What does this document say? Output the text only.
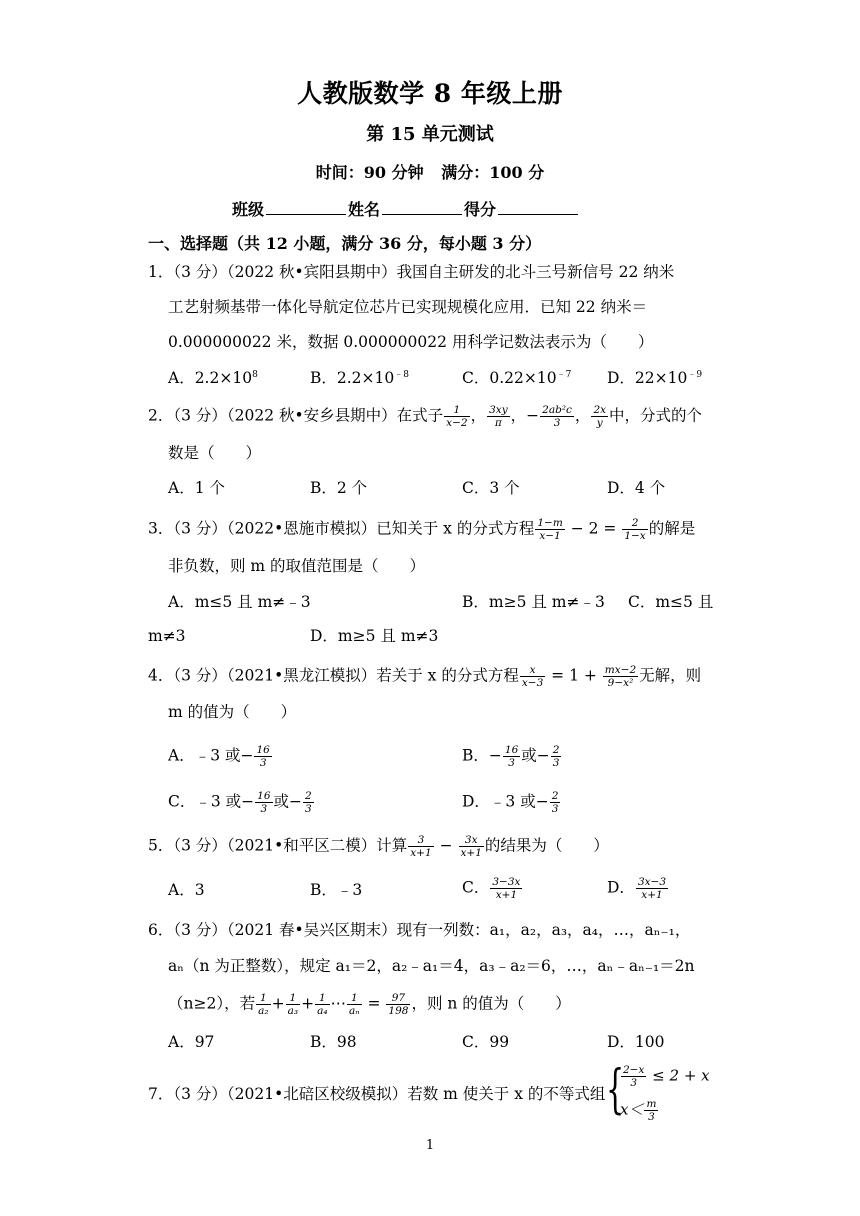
人教版数学 8 年级上册
第 15 单元测试
时间：90 分钟 满分：100 分
班级	姓名	得分
一、选择题（共 12 小题，满分 36 分，每小题 3 分）
1．（3 分）（2022 秋•宾阳县期中）我国自主研发的北斗三号新信号 22 纳米
工艺射频基带一体化导航定位芯片已实现规模化应用．已知 22 纳米＝
0.000000022 米，数据 0.000000022 用科学记数法表示为（　　）
A．$2.2\times 10^8$	B．$2.2\times 10^{﹣8}$	C．$0.22\times 10^{﹣7}$ D．$22\times 10^{﹣9}$
2．（3 分）（2022 秋•安乡县期中）在式子 $\frac{1}{x-2}$ ， $\frac{3xy}{\pi}$ ，− $\frac{\text{2ab²c}}{3}$ ， $\frac{2x}{y}$ 中，分式的个
数是（　　）
A．1 个	B．2 个	C．3 个	D．4 个
3．（3 分）（2022•恩施市模拟）已知关于 x 的分式方程 $\frac{1-m}{x-1} - 2 = \frac{2}{1-x}$ 的解是
非负数，则 m 的取值范围是（　　）
A．m≤5 且 m≠﹣3	B．m≥5 且 m≠﹣3 C．m≤5 且
m≠3	D．m≥5 且 m≠3
4．（3 分）（2021•黑龙江模拟）若关于 x 的分式方程 $\frac{x}{x-3} = 1 + \frac{mx-2}{\text{9−x²}}$ 无解，则
m 的值为（　　）
A．﹣3 或− $\frac{16}{3}$	B．− $\frac{16}{3}$ 或− $\frac{2}{3}$
C．﹣3 或− $\frac{16}{3}$ 或− $\frac{2}{3}$	D．﹣3 或− $\frac{2}{3}$
5．（3 分）（2021•和平区二模）计算 $\frac{3}{x+1} - \frac{3x}{x+1}$ 的结果为（　　）
A．3	B．﹣3	C． $\frac{3-3x}{x+1}$	D． $\frac{3x-3}{x+1}$
6．（3 分）（2021 春•吴兴区期末）现有一列数：a₁，a₂，a₃，a₄，…，aₙ₋₁，
aₙ（n 为正整数），规定 a₁＝2，a₂﹣a₁＝4，a₃﹣a₂＝6，…，aₙ﹣aₙ₋₁＝2n
（n≥2），若 $\frac{1}{\text{a₂}} + \frac{1}{\text{a₃}} + \frac{1}{\text{a₄}}$ ⋯ $\frac{1}{\text{aₙ}} = \frac{97}{198}$ ，则 n 的值为（　　）
A．97	B．98	C．99	D．100
7．（3 分）（2021•北碚区校级模拟）若数 m 使关于 x 的不等式组 {
$\frac{2-x}{3} \le 2 + x$
$x< \frac{m}{3}$
1
